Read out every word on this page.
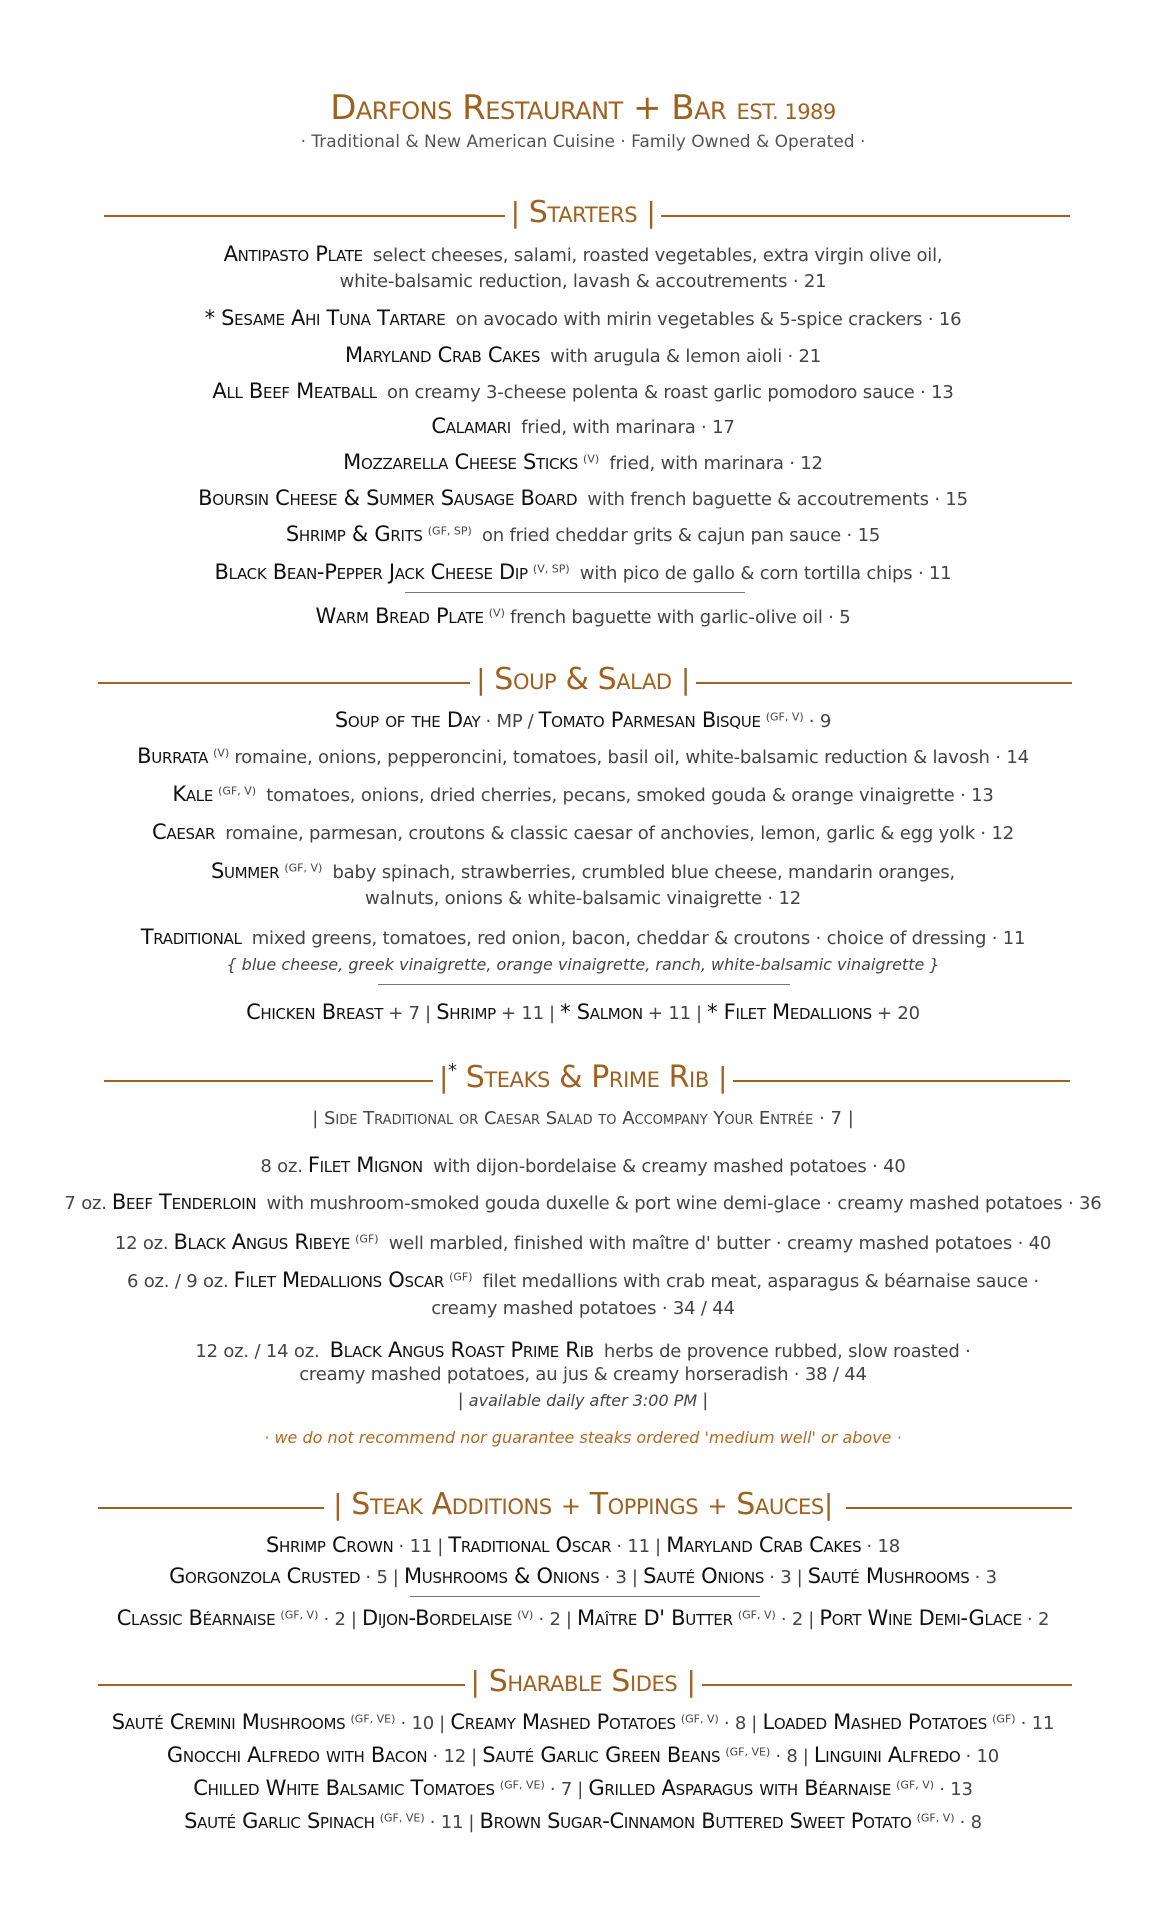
Darfons Restaurant + Bar EST. 1989
· Traditional & New American Cuisine · Family Owned & Operated ·
| Starters |
Antipasto Plate select cheeses, salami, roasted vegetables, extra virgin olive oil,
white-balsamic reduction, lavash & accoutrements · 21
* Sesame Ahi Tuna Tartare on avocado with mirin vegetables & 5-spice crackers · 16
Maryland Crab Cakes with arugula & lemon aioli · 21
All Beef Meatball on creamy 3-cheese polenta & roast garlic pomodoro sauce · 13
Calamari fried, with marinara · 17
Mozzarella Cheese Sticks $^{(V)}$ fried, with marinara · 12
Boursin Cheese & Summer Sausage Board with french baguette & accoutrements · 15
Shrimp & Grits $^{(GF, SP)}$ on fried cheddar grits & cajun pan sauce · 15
Black Bean-Pepper Jack Cheese Dip $^{(V, SP)}$ with pico de gallo & corn tortilla chips · 11
Warm Bread Plate $^{(V)}$ french baguette with garlic-olive oil · 5
| Soup & Salad |
Soup of the Day · MP / Tomato Parmesan Bisque $^{(GF, V)}$ · 9
Burrata $^{(V)}$ romaine, onions, pepperoncini, tomatoes, basil oil, white-balsamic reduction & lavosh · 14
Kale $^{(GF, V)}$ tomatoes, onions, dried cherries, pecans, smoked gouda & orange vinaigrette · 13
Caesar romaine, parmesan, croutons & classic caesar of anchovies, lemon, garlic & egg yolk · 12
Summer $^{(GF, V)}$ baby spinach, strawberries, crumbled blue cheese, mandarin oranges,
walnuts, onions & white-balsamic vinaigrette · 12
Traditional mixed greens, tomatoes, red onion, bacon, cheddar & croutons · choice of dressing · 11
{ blue cheese, greek vinaigrette, orange vinaigrette, ranch, white-balsamic vinaigrette }
Chicken Breast + 7 | Shrimp + 11 | * Salmon + 11 | * Filet Medallions + 20
|* Steaks & Prime Rib |
| Side Traditional or Caesar Salad to Accompany Your Entrée · 7 |
8 oz. Filet Mignon with dijon-bordelaise & creamy mashed potatoes · 40
7 oz. Beef Tenderloin with mushroom-smoked gouda duxelle & port wine demi-glace · creamy mashed potatoes · 36
12 oz. Black Angus Ribeye $^{(GF)}$ well marbled, finished with maître d' butter · creamy mashed potatoes · 40
6 oz. / 9 oz. Filet Medallions Oscar $^{(GF)}$ filet medallions with crab meat, asparagus & béarnaise sauce ·
creamy mashed potatoes · 34 / 44
12 oz. / 14 oz. Black Angus Roast Prime Rib herbs de provence rubbed, slow roasted ·
creamy mashed potatoes, au jus & creamy horseradish · 38 / 44
| available daily after 3:00 PM |
· we do not recommend nor guarantee steaks ordered 'medium well' or above ·
| Steak Additions + Toppings + Sauces|
Shrimp Crown · 11 | Traditional Oscar · 11 | Maryland Crab Cakes · 18
Gorgonzola Crusted · 5 | Mushrooms & Onions · 3 | Sauté Onions · 3 | Sauté Mushrooms · 3
Classic Béarnaise $^{(GF, V)}$ · 2 | Dijon-Bordelaise $^{(V)}$ · 2 | Maître D' Butter $^{(GF, V)}$ · 2 | Port Wine Demi-Glace · 2
| Sharable Sides |
Sauté Cremini Mushrooms $^{(GF, VE)}$ · 10 | Creamy Mashed Potatoes $^{(GF, V)}$ · 8 | Loaded Mashed Potatoes $^{(GF)}$ · 11
Gnocchi Alfredo with Bacon · 12 | Sauté Garlic Green Beans $^{(GF, VE)}$ · 8 | Linguini Alfredo · 10
Chilled White Balsamic Tomatoes $^{(GF, VE)}$ · 7 | Grilled Asparagus with Béarnaise $^{(GF, V)}$ · 13
Sauté Garlic Spinach $^{(GF, VE)}$ · 11 | Brown Sugar-Cinnamon Buttered Sweet Potato $^{(GF, V)}$ · 8
